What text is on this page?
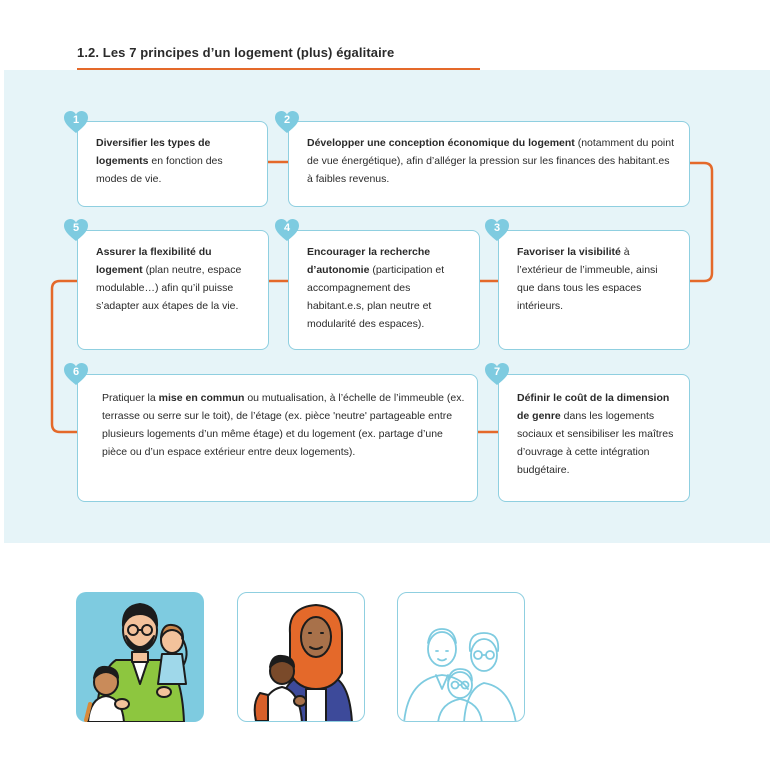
1.2. Les 7 principes d’un logement (plus) égalitaire
Diversifier les types de logements en fonction des modes de vie.
Développer une conception économique du logement (notamment du point de vue énergétique), afin d’alléger la pression sur les finances des habitant.es à faibles revenus.
Assurer la flexibilité du logement (plan neutre, espace modulable…) afin qu’il puisse s’adapter aux étapes de la vie.
Encourager la recherche d’autonomie (participation et accompagnement des habitant.e.s, plan neutre et modularité des espaces).
Favoriser la visibilité à l’extérieur de l’immeuble, ainsi que dans tous les espaces intérieurs.
Pratiquer la mise en commun ou mutualisation, à l’échelle de l’immeuble (ex. terrasse ou serre sur le toit), de l’étage (ex. pièce 'neutre' partageable entre plusieurs logements d’un même étage) et du logement (ex. partage d’une pièce ou d’un espace extérieur entre deux logements).
Définir le coût de la dimension de genre dans les logements sociaux et sensibiliser les maîtres d’ouvrage à cette intégration budgétaire.
1	2
5	4	3
6	7
